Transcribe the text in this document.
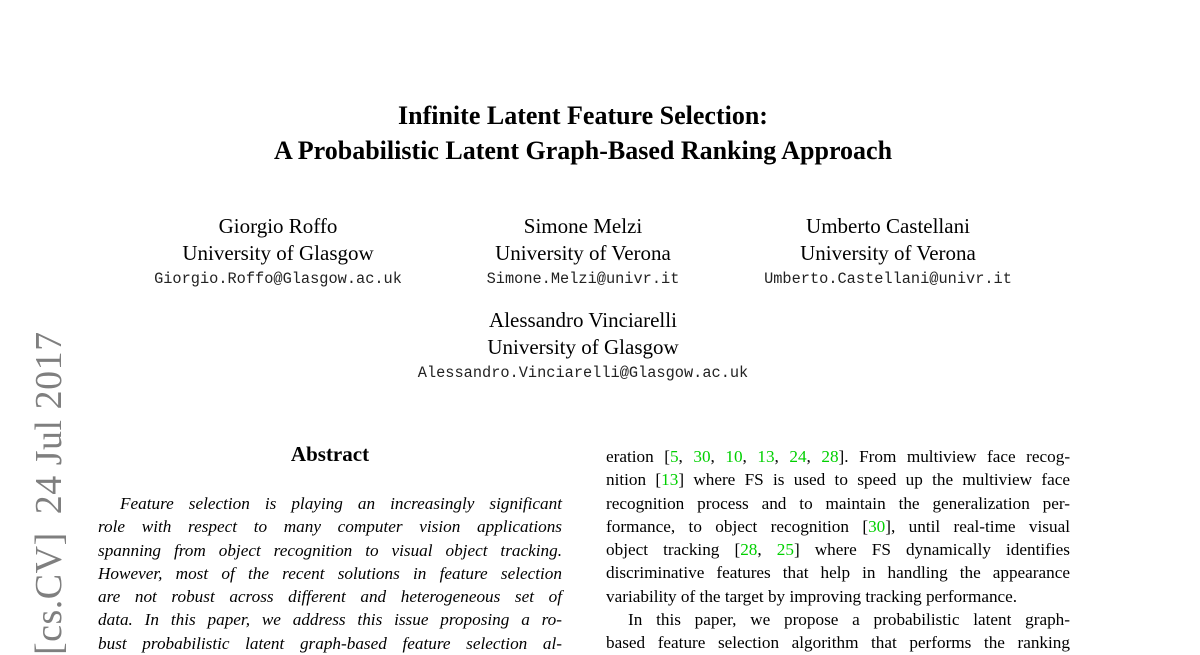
[cs.CV]24 Jul 2017
Infinite Latent Feature Selection:
A Probabilistic Latent Graph-Based Ranking Approach
Giorgio Roffo
University of Glasgow
Giorgio.Roffo@Glasgow.ac.uk
Simone Melzi
University of Verona
Simone.Melzi@univr.it
Umberto Castellani
University of Verona
Umberto.Castellani@univr.it
Alessandro Vinciarelli
University of Glasgow
Alessandro.Vinciarelli@Glasgow.ac.uk
Abstract
Feature selection is playing an increasingly significant
role with respect to many computer vision applications
spanning from object recognition to visual object tracking.
However, most of the recent solutions in feature selection
are not robust across different and heterogeneous set of
data. In this paper, we address this issue proposing a ro-
bust probabilistic latent graph-based feature selection al-
eration [5, 30, 10, 13, 24, 28]. From multiview face recog-
nition [13] where FS is used to speed up the multiview face
recognition process and to maintain the generalization per-
formance, to object recognition [30], until real-time visual
object tracking [28, 25] where FS dynamically identifies
discriminative features that help in handling the appearance
variability of the target by improving tracking performance.
In this paper, we propose a probabilistic latent graph-
based feature selection algorithm that performs the ranking
